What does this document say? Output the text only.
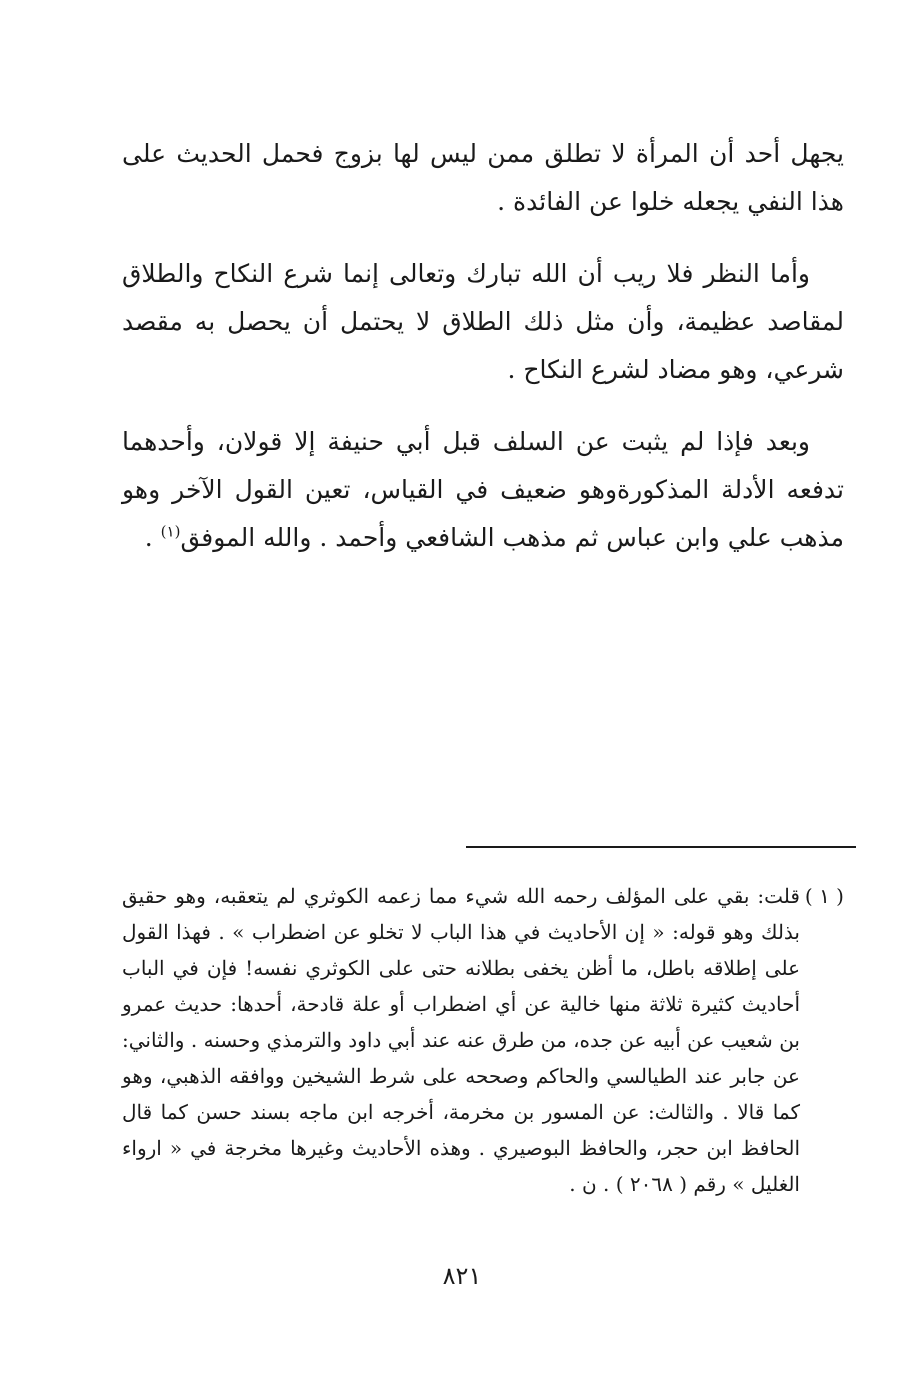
يجهل أحد أن المرأة لا تطلق ممن ليس لها بزوج فحمل الحديث على هذا النفي يجعله خلوا عن الفائدة .

وأما النظر فلا ريب أن الله تبارك وتعالى إنما شرع النكاح والطلاق لمقاصد عظيمة، وأن مثل ذلك الطلاق لا يحتمل أن يحصل به مقصد شرعي، وهو مضاد لشرع النكاح .

وبعد فإذا لم يثبت عن السلف قبل أبي حنيفة إلا قولان، وأحدهما تدفعه الأدلة المذكورةوهو ضعيف في القياس، تعين القول الآخر وهو مذهب علي وابن عباس ثم مذهب الشافعي وأحمد . والله الموفق$^{(١)}$ .

( ١ )
قلت: بقي على المؤلف رحمه الله شيء مما زعمه الكوثري لم يتعقبه، وهو حقيق بذلك وهو قوله: « إن الأحاديث في هذا الباب لا تخلو عن اضطراب » . فهذا القول على إطلاقه باطل، ما أظن يخفى بطلانه حتى على الكوثري نفسه! فإن في الباب أحاديث كثيرة ثلاثة منها خالية عن أي اضطراب أو علة قادحة، أحدها: حديث عمرو بن شعيب عن أبيه عن جده، من طرق عنه عند أبي داود والترمذي وحسنه . والثاني: عن جابر عند الطيالسي والحاكم وصححه على شرط الشيخين ووافقه الذهبي، وهو كما قالا . والثالث: عن المسور بن مخرمة، أخرجه ابن ماجه بسند حسن كما قال الحافظ ابن حجر، والحافظ البوصيري . وهذه الأحاديث وغيرها مخرجة في « ارواء الغليل » رقم ( ٢٠٦٨ ) . ن .
٨٢١
